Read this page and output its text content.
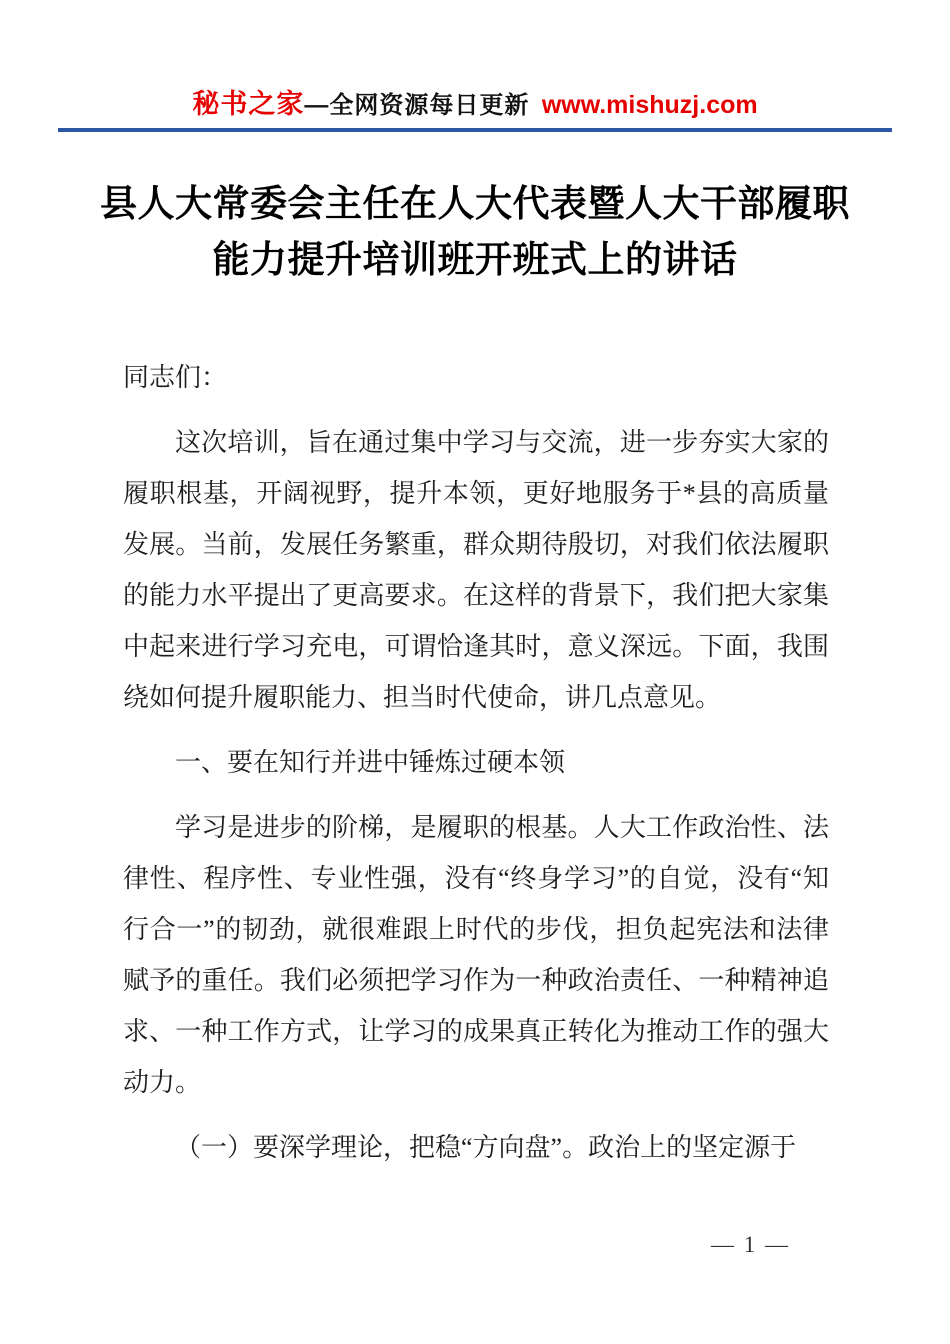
秘书之家—全网资源每日更新 www.mishuzj.com
县人大常委会主任在人大代表暨人大干部履职能力提升培训班开班式上的讲话

同志们：

这次培训，旨在通过集中学习与交流，进一步夯实大家的履职根基，开阔视野，提升本领，更好地服务于*县的高质量发展。当前，发展任务繁重，群众期待殷切，对我们依法履职的能力水平提出了更高要求。在这样的背景下，我们把大家集中起来进行学习充电，可谓恰逢其时，意义深远。下面，我围绕如何提升履职能力、担当时代使命，讲几点意见。

一、要在知行并进中锤炼过硬本领

学习是进步的阶梯，是履职的根基。人大工作政治性、法律性、程序性、专业性强，没有“终身学习”的自觉，没有“知行合一”的韧劲，就很难跟上时代的步伐，担负起宪法和法律赋予的重任。我们必须把学习作为一种政治责任、一种精神追求、一种工作方式，让学习的成果真正转化为推动工作的强大动力。

（一）要深学理论，把稳“方向盘”。政治上的坚定源于

— 1 —
